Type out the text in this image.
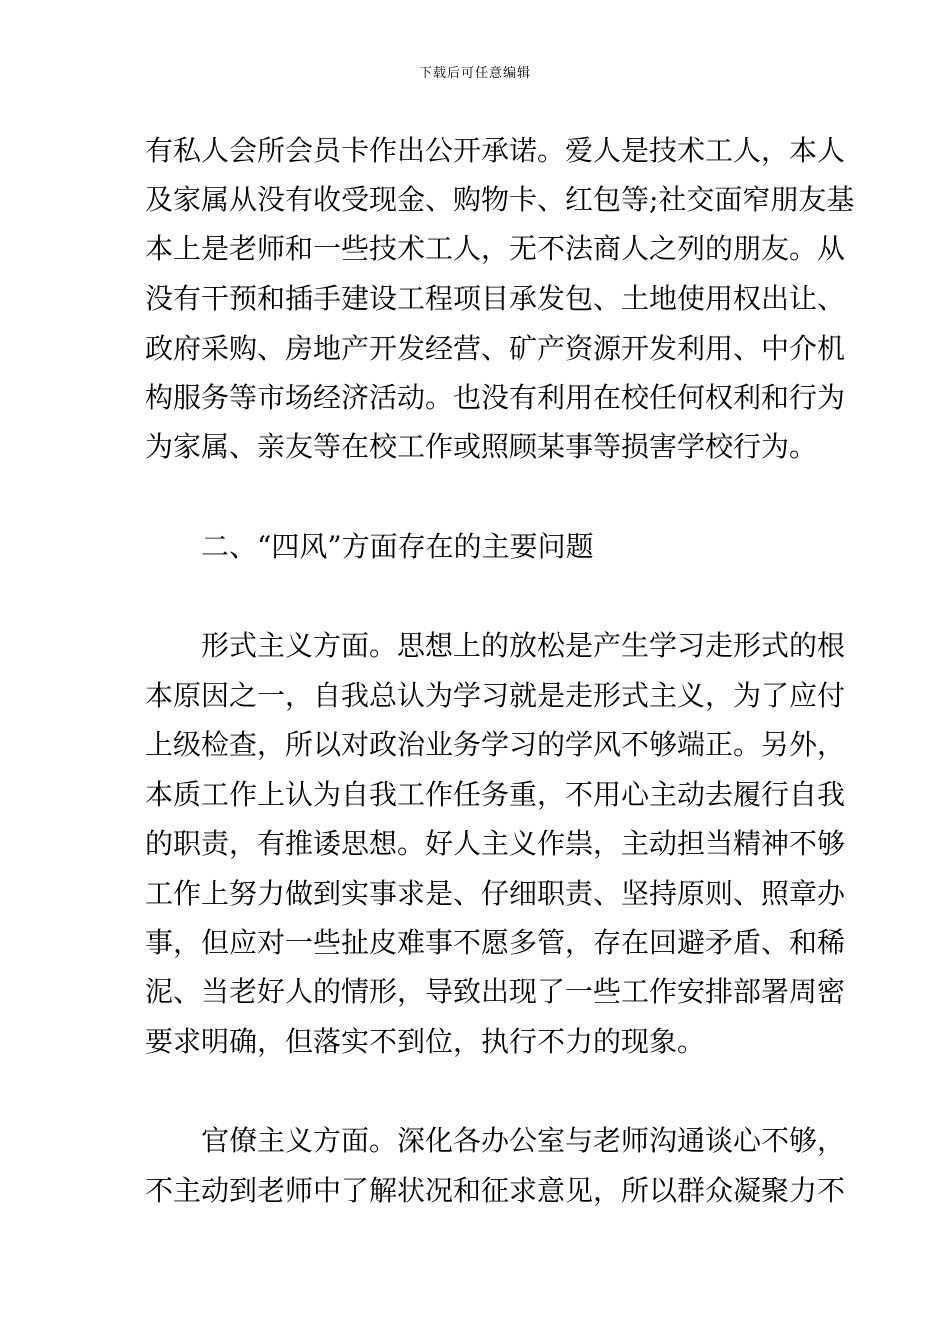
下载后可任意编辑
有私人会所会员卡作出公开承诺。爱人是技术工人，本人
及家属从没有收受现金、购物卡、红包等;社交面窄朋友基
本上是老师和一些技术工人，无不法商人之列的朋友。从
没有干预和插手建设工程项目承发包、土地使用权出让、
政府采购、房地产开发经营、矿产资源开发利用、中介机
构服务等市场经济活动。也没有利用在校任何权利和行为
为家属、亲友等在校工作或照顾某事等损害学校行为。
　　二、“四风”方面存在的主要问题
　　形式主义方面。思想上的放松是产生学习走形式的根
本原因之一，自我总认为学习就是走形式主义，为了应付
上级检查，所以对政治业务学习的学风不够端正。另外，
本质工作上认为自我工作任务重，不用心主动去履行自我
的职责，有推诿思想。好人主义作祟，主动担当精神不够
工作上努力做到实事求是、仔细职责、坚持原则、照章办
事，但应对一些扯皮难事不愿多管，存在回避矛盾、和稀
泥、当老好人的情形，导致出现了一些工作安排部署周密
要求明确，但落实不到位，执行不力的现象。
　　官僚主义方面。深化各办公室与老师沟通谈心不够，
不主动到老师中了解状况和征求意见，所以群众凝聚力不
